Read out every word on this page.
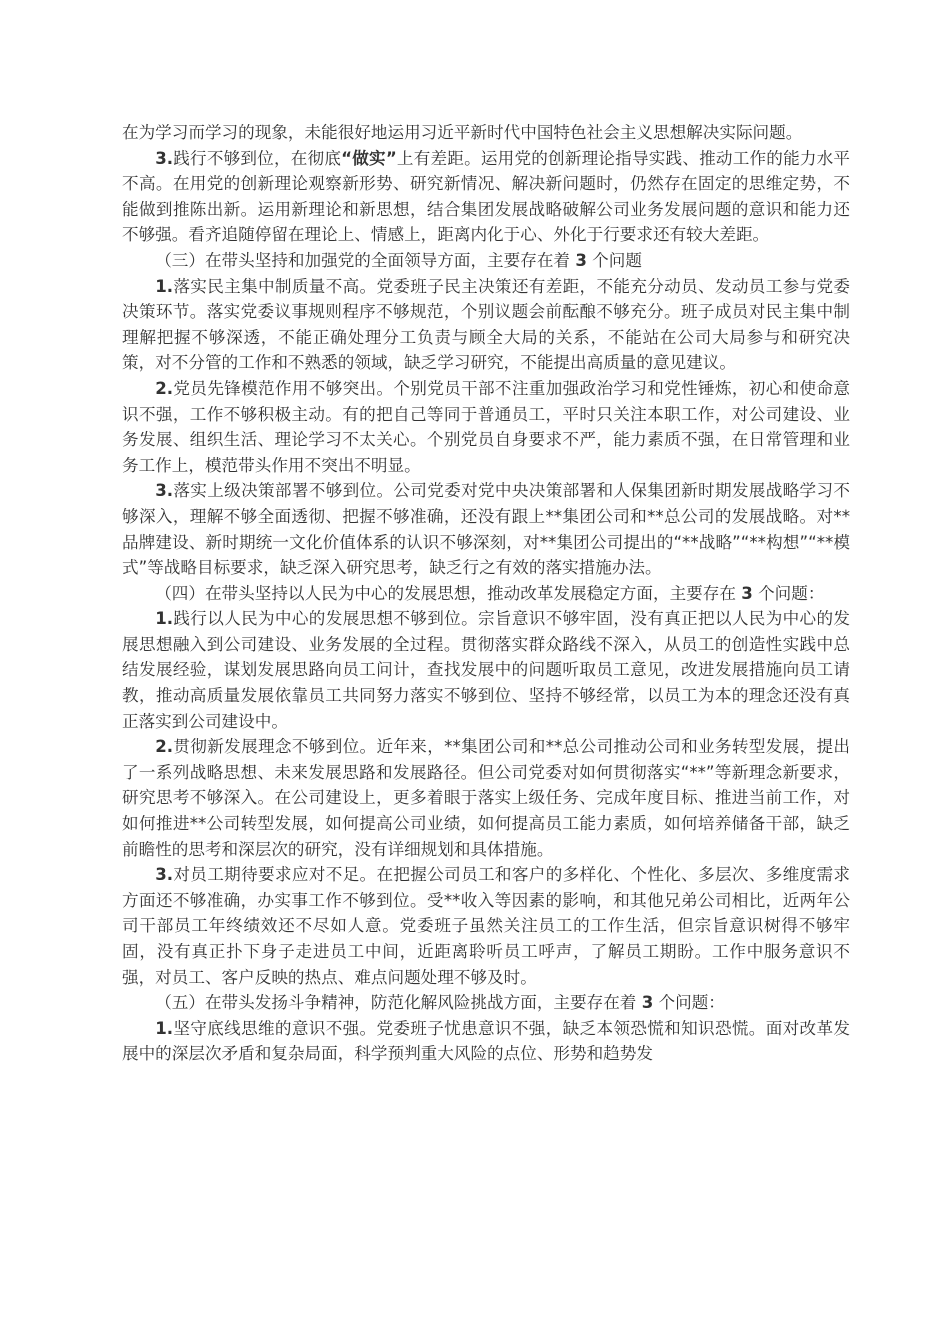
在为学习而学习的现象，未能很好地运用习近平新时代中国特色社会主义思想解决实际问题。

3.践行不够到位，在彻底“做实”上有差距。运用党的创新理论指导实践、推动工作的能力水平不高。在用党的创新理论观察新形势、研究新情况、解决新问题时，仍然存在固定的思维定势，不能做到推陈出新。运用新理论和新思想，结合集团发展战略破解公司业务发展问题的意识和能力还不够强。看齐追随停留在理论上、情感上，距离内化于心、外化于行要求还有较大差距。

（三）在带头坚持和加强党的全面领导方面，主要存在着 3 个问题

1.落实民主集中制质量不高。党委班子民主决策还有差距，不能充分动员、发动员工参与党委决策环节。落实党委议事规则程序不够规范，个别议题会前酝酿不够充分。班子成员对民主集中制理解把握不够深透，不能正确处理分工负责与顾全大局的关系，不能站在公司大局参与和研究决策，对不分管的工作和不熟悉的领域，缺乏学习研究，不能提出高质量的意见建议。

2.党员先锋模范作用不够突出。个别党员干部不注重加强政治学习和党性锤炼，初心和使命意识不强，工作不够积极主动。有的把自己等同于普通员工，平时只关注本职工作，对公司建设、业务发展、组织生活、理论学习不太关心。个别党员自身要求不严，能力素质不强，在日常管理和业务工作上，模范带头作用不突出不明显。

3.落实上级决策部署不够到位。公司党委对党中央决策部署和人保集团新时期发展战略学习不够深入，理解不够全面透彻、把握不够准确，还没有跟上**集团公司和**总公司的发展战略。对**品牌建设、新时期统一文化价值体系的认识不够深刻，对**集团公司提出的“**战略”“**构想”“**模式”等战略目标要求，缺乏深入研究思考，缺乏行之有效的落实措施办法。

（四）在带头坚持以人民为中心的发展思想，推动改革发展稳定方面，主要存在 3 个问题：

1.践行以人民为中心的发展思想不够到位。宗旨意识不够牢固，没有真正把以人民为中心的发展思想融入到公司建设、业务发展的全过程。贯彻落实群众路线不深入，从员工的创造性实践中总结发展经验，谋划发展思路向员工问计，查找发展中的问题听取员工意见，改进发展措施向员工请教，推动高质量发展依靠员工共同努力落实不够到位、坚持不够经常，以员工为本的理念还没有真正落实到公司建设中。

2.贯彻新发展理念不够到位。近年来，**集团公司和**总公司推动公司和业务转型发展，提出了一系列战略思想、未来发展思路和发展路径。但公司党委对如何贯彻落实“**”等新理念新要求，研究思考不够深入。在公司建设上，更多着眼于落实上级任务、完成年度目标、推进当前工作，对如何推进**公司转型发展，如何提高公司业绩，如何提高员工能力素质，如何培养储备干部，缺乏前瞻性的思考和深层次的研究，没有详细规划和具体措施。

3.对员工期待要求应对不足。在把握公司员工和客户的多样化、个性化、多层次、多维度需求方面还不够准确，办实事工作不够到位。受**收入等因素的影响，和其他兄弟公司相比，近两年公司干部员工年终绩效还不尽如人意。党委班子虽然关注员工的工作生活，但宗旨意识树得不够牢固，没有真正扑下身子走进员工中间，近距离聆听员工呼声，了解员工期盼。工作中服务意识不强，对员工、客户反映的热点、难点问题处理不够及时。

（五）在带头发扬斗争精神，防范化解风险挑战方面，主要存在着 3 个问题：

1.坚守底线思维的意识不强。党委班子忧患意识不强，缺乏本领恐慌和知识恐慌。面对改革发展中的深层次矛盾和复杂局面，科学预判重大风险的点位、形势和趋势发
